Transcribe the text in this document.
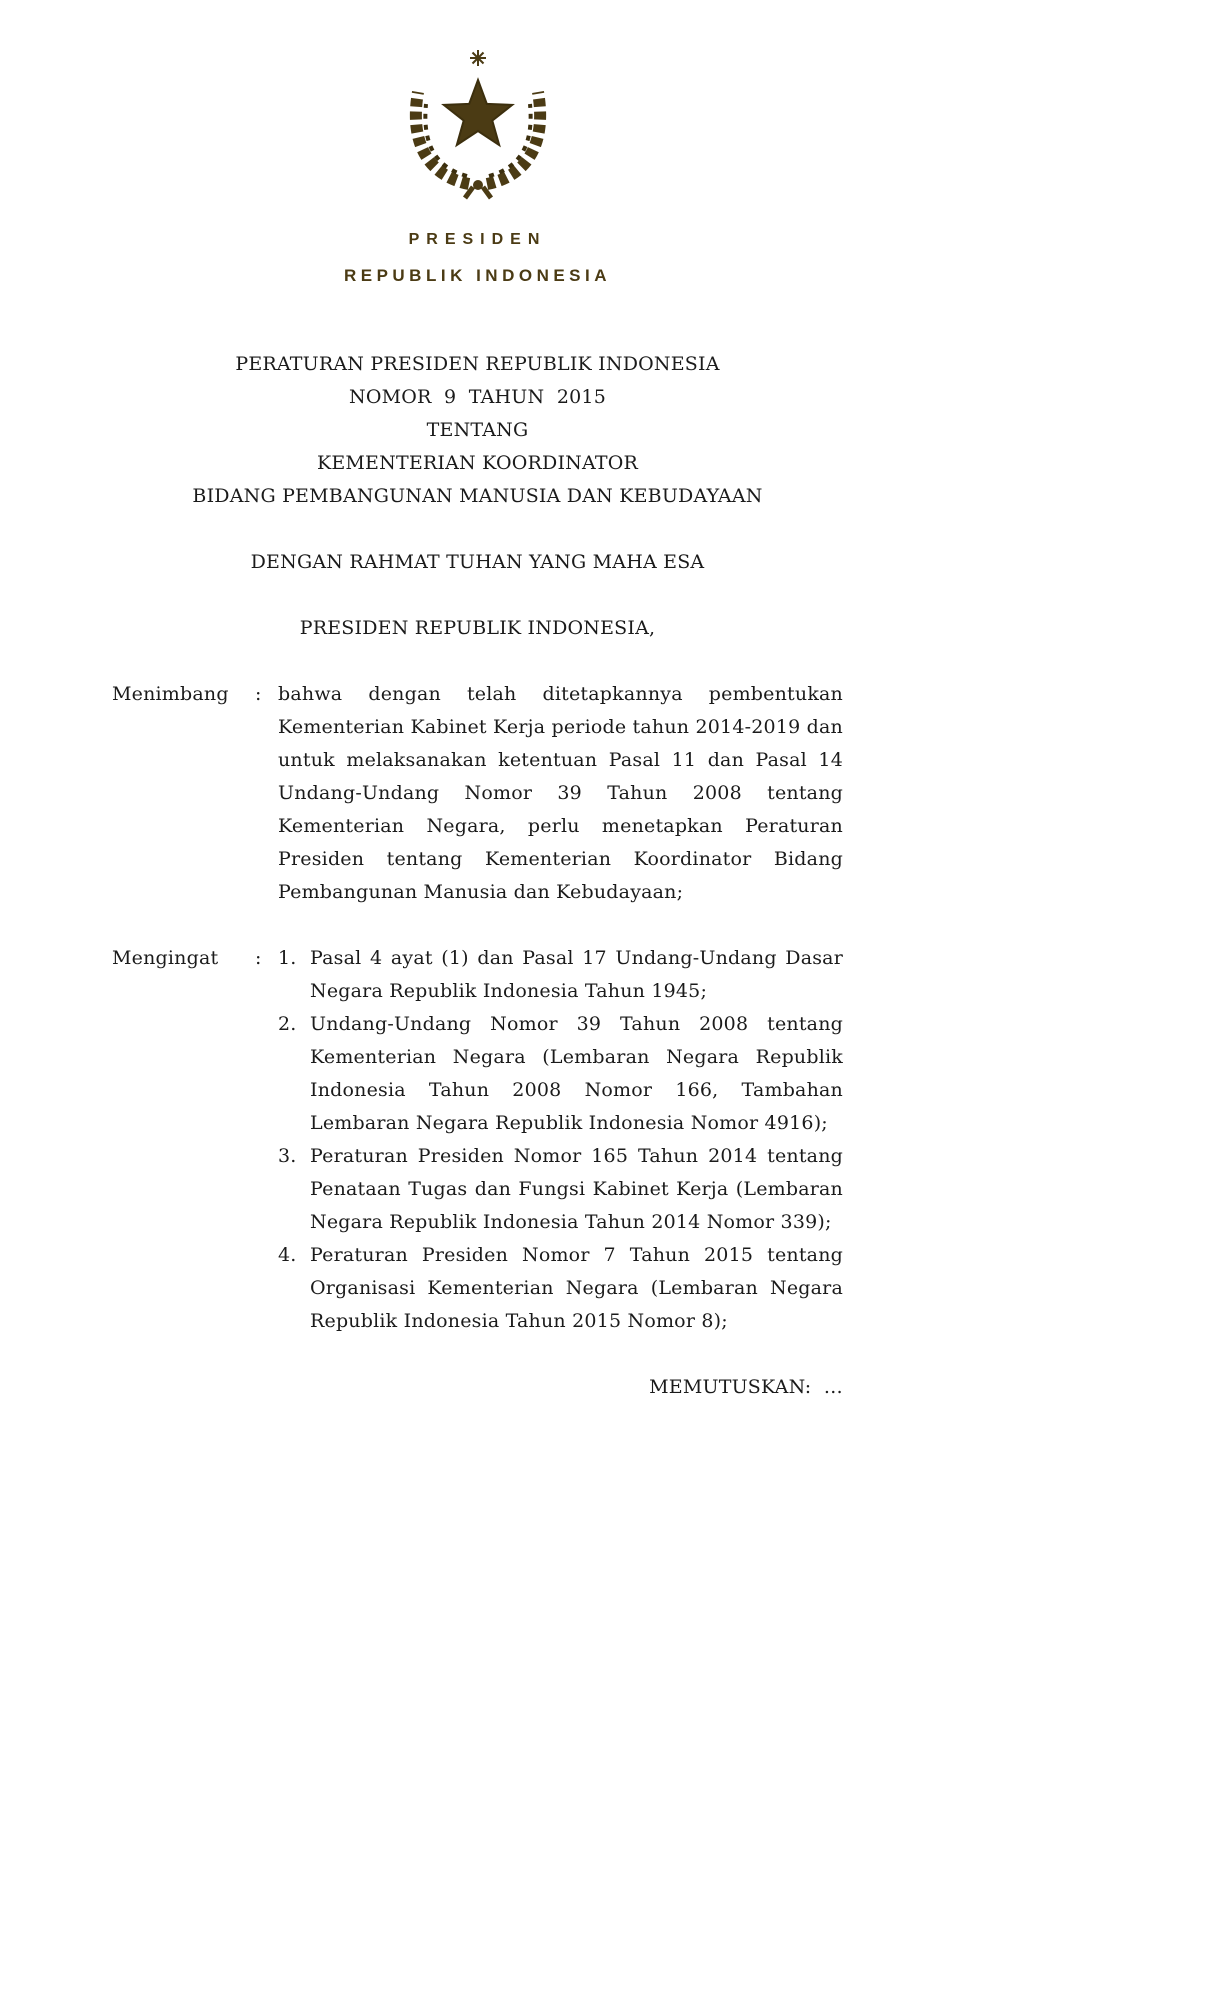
PRESIDEN
REPUBLIK INDONESIA
PERATURAN PRESIDEN REPUBLIK INDONESIA
NOMOR  9  TAHUN  2015
TENTANG
KEMENTERIAN KOORDINATOR
BIDANG PEMBANGUNAN MANUSIA DAN KEBUDAYAAN
DENGAN RAHMAT TUHAN YANG MAHA ESA
PRESIDEN REPUBLIK INDONESIA,
Menimbang	: bahwa dengan telah ditetapkannya pembentukan Kementerian Kabinet Kerja periode tahun 2014-2019 dan untuk melaksanakan ketentuan Pasal 11 dan Pasal 14 Undang-Undang Nomor 39 Tahun 2008 tentang Kementerian Negara, perlu menetapkan Peraturan Presiden tentang Kementerian Koordinator Bidang Pembangunan Manusia dan Kebudayaan;
Mengingat	: 1. Pasal 4 ayat (1) dan Pasal 17 Undang-Undang Dasar Negara Republik Indonesia Tahun 1945;
2. Undang-Undang Nomor 39 Tahun 2008 tentang Kementerian Negara (Lembaran Negara Republik Indonesia Tahun 2008 Nomor 166, Tambahan Lembaran Negara Republik Indonesia Nomor 4916);
3. Peraturan Presiden Nomor 165 Tahun 2014 tentang Penataan Tugas dan Fungsi Kabinet Kerja (Lembaran Negara Republik Indonesia Tahun 2014 Nomor 339);
4. Peraturan Presiden Nomor 7 Tahun 2015 tentang Organisasi Kementerian Negara (Lembaran Negara Republik Indonesia Tahun 2015 Nomor 8);
MEMUTUSKAN:  …
